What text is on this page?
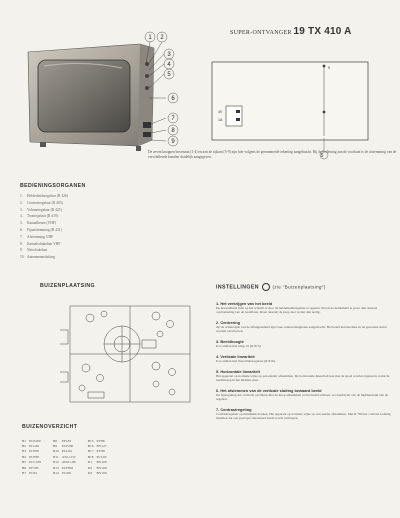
SUPER-ONTVANGER 19 TX 410 A
1 2
3
4
5
6
7
8
9
4V
1A
5
9
De zeven knoppen bovenaan (1-4) en aan de zijkant (5-9) zijn hier volgens de genummerde tekening aangebracht. Bij de bediening aan de voorkant is de afstemming van de verschillende kanalen duidelijk aangegeven.
BEDIENINGSORGANEN
1. Helderheidsregelaar (R 426)
2. Contrastregelaar (R 403)
3. Volumeregelaar (R 425)
4. Toonregelaar (R 419)
5. Kanaalkeuze (VHF)
6. Fijnafstemming (R 431)
7. Afstemming UHF
8. Kanaalschakelaar VHF
9. Netschakelaar
10. Antenneaansluiting
BUIZENPLAATSING	INSTELLINGEN	(zie "Buizenplaatsing")
1. Het verkrijgen van het beeld
De hoeveelheid licht op het scherm is door de helderheidsregelaar te regelen. Wordt de helderheid te groot dan ontstaat overbelasting van de beeldbuis. Draai daarom de knop niet verder dan nodig.
2. Centrering
Op de achterzijde van de afbuigeenheid zijn twee centreermagneten aangebracht. Het beeld kan hiermee in de gewenste stand worden verschoven.
3. Beeldhoogte
Is te stellen met knop 10 (R 815).
4. Verticale lineariteit
Is te stellen met lineariteitsregelaar (R 816).
5. Horizontale lineariteit
Het apparaat op normale wijze op een zender afstemmen. De horizontale lineariteit kan met de spoel worden ingesteld, zodat de beeldstreep in het midden staat.
6. Het afstemmen van de verticale sluiting bewaard beeld
De fijnregeling der verticale oscillator met de knop afstemmen tot het beeld stilstaat. Ga daarbij uit van de middenstand van de regelaar.
7. Contrastregeling
Contrastregelaar op minimum draaien. Het apparaat op normale wijze op een zender afstemmen. Met R 700 het contrast zodanig instellen dat een goed gecontrasteerd beeld wordt verkregen.
BUIZENOVERZICHT
B1	PCF200	B8	EF183	B15	PY88
B2	PCL86	B9	PCF200	B16	BY127
B3	PCF80	B10	PCL84	B17	EY86
B4	PCF80	B11	A59-11W	B18	PCL85
B5	PCC189	B12	AW61-88	D1	BY100
B6	EF183	B13	PCF802	D2	BY100
B7	PC84	B14	PL500	D3	BY100
